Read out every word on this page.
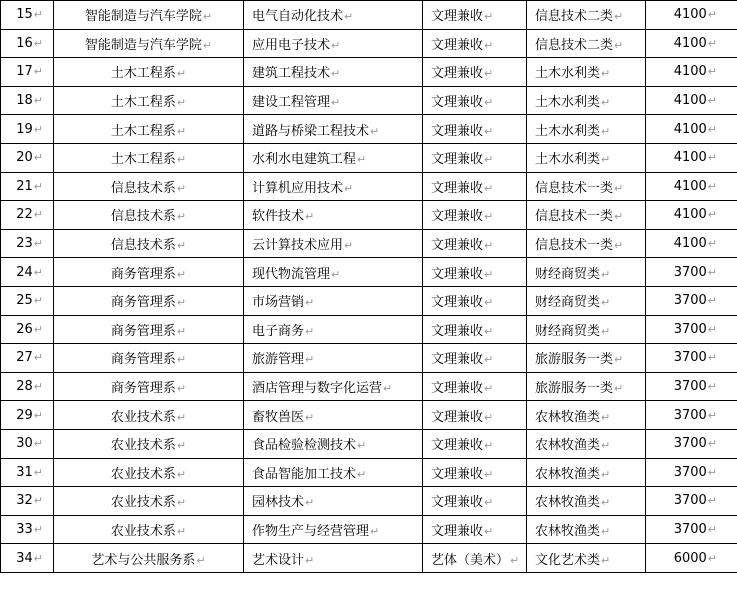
15↵	智能制造与汽车学院↵	电气自动化技术↵	文理兼收↵	信息技术二类↵	4100↵
16↵	智能制造与汽车学院↵	应用电子技术↵	文理兼收↵	信息技术二类↵	4100↵
17↵	土木工程系↵	建筑工程技术↵	文理兼收↵	土木水利类↵	4100↵
18↵	土木工程系↵	建设工程管理↵	文理兼收↵	土木水利类↵	4100↵
19↵	土木工程系↵	道路与桥梁工程技术↵	文理兼收↵	土木水利类↵	4100↵
20↵	土木工程系↵	水利水电建筑工程↵	文理兼收↵	土木水利类↵	4100↵
21↵	信息技术系↵	计算机应用技术↵	文理兼收↵	信息技术一类↵	4100↵
22↵	信息技术系↵	软件技术↵	文理兼收↵	信息技术一类↵	4100↵
23↵	信息技术系↵	云计算技术应用↵	文理兼收↵	信息技术一类↵	4100↵
24↵	商务管理系↵	现代物流管理↵	文理兼收↵	财经商贸类↵	3700↵
25↵	商务管理系↵	市场营销↵	文理兼收↵	财经商贸类↵	3700↵
26↵	商务管理系↵	电子商务↵	文理兼收↵	财经商贸类↵	3700↵
27↵	商务管理系↵	旅游管理↵	文理兼收↵	旅游服务一类↵	3700↵
28↵	商务管理系↵	酒店管理与数字化运营↵	文理兼收↵	旅游服务一类↵	3700↵
29↵	农业技术系↵	畜牧兽医↵	文理兼收↵	农林牧渔类↵	3700↵
30↵	农业技术系↵	食品检验检测技术↵	文理兼收↵	农林牧渔类↵	3700↵
31↵	农业技术系↵	食品智能加工技术↵	文理兼收↵	农林牧渔类↵	3700↵
32↵	农业技术系↵	园林技术↵	文理兼收↵	农林牧渔类↵	3700↵
33↵	农业技术系↵	作物生产与经营管理↵	文理兼收↵	农林牧渔类↵	3700↵
34↵	艺术与公共服务系↵	艺术设计↵	艺体（美术）↵	文化艺术类↵	6000↵
